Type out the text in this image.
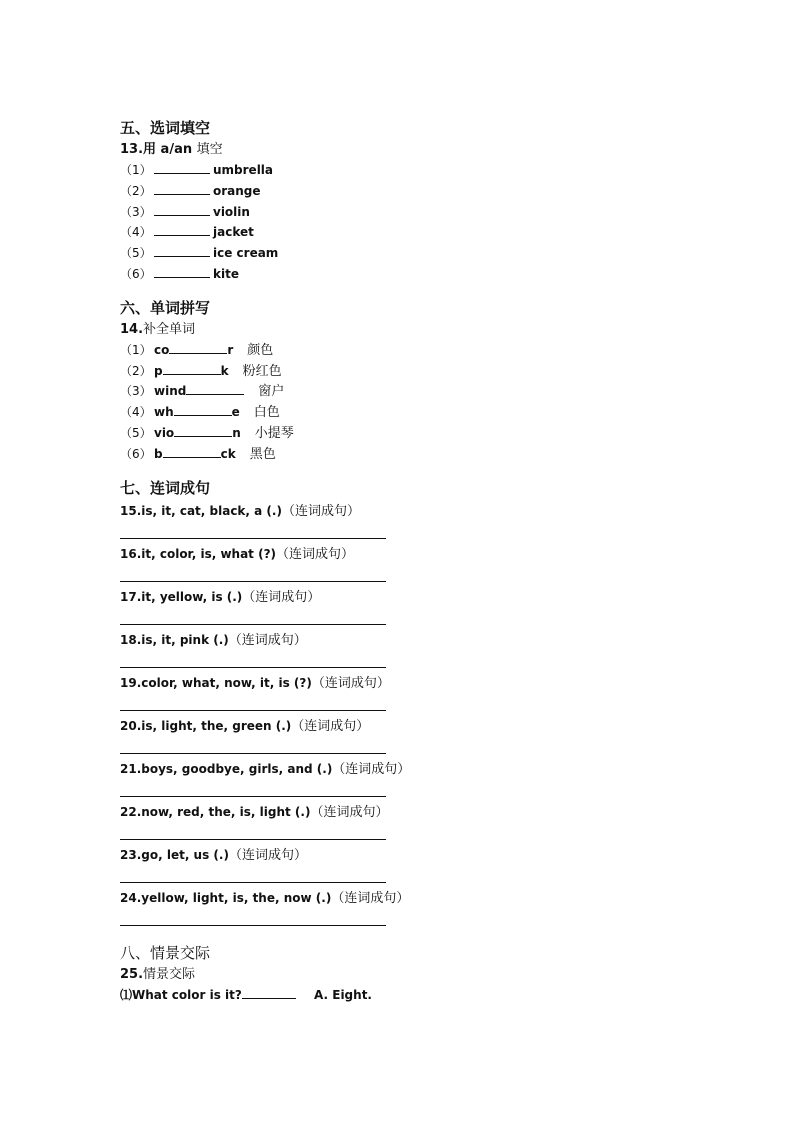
五、选词填空
13.用 a/an 填空
（1）	umbrella
（2）	orange
（3）	violin
（4）	jacket
（5）	ice cream
（6）	kite
六、单词拼写
14.补全单词
（1） co	r 颜色
（2） p	k 粉红色
（3） wind	窗户
（4） wh	e 白色
（5） vio	n 小提琴
（6） b	ck 黑色
七、连词成句
15.is, it, cat, black, a (.)（连词成句）
16.it, color, is, what (?)（连词成句）
17.it, yellow, is (.)（连词成句）
18.is, it, pink (.)（连词成句）
19.color, what, now, it, is (?)（连词成句）
20.is, light, the, green (.)（连词成句）
21.boys, goodbye, girls, and (.)（连词成句）
22.now, red, the, is, light (.)（连词成句）
23.go, let, us (.)（连词成句）
24.yellow, light, is, the, now (.)（连词成句）
八、情景交际
25.情景交际
⑴What color is it?	A. Eight.
